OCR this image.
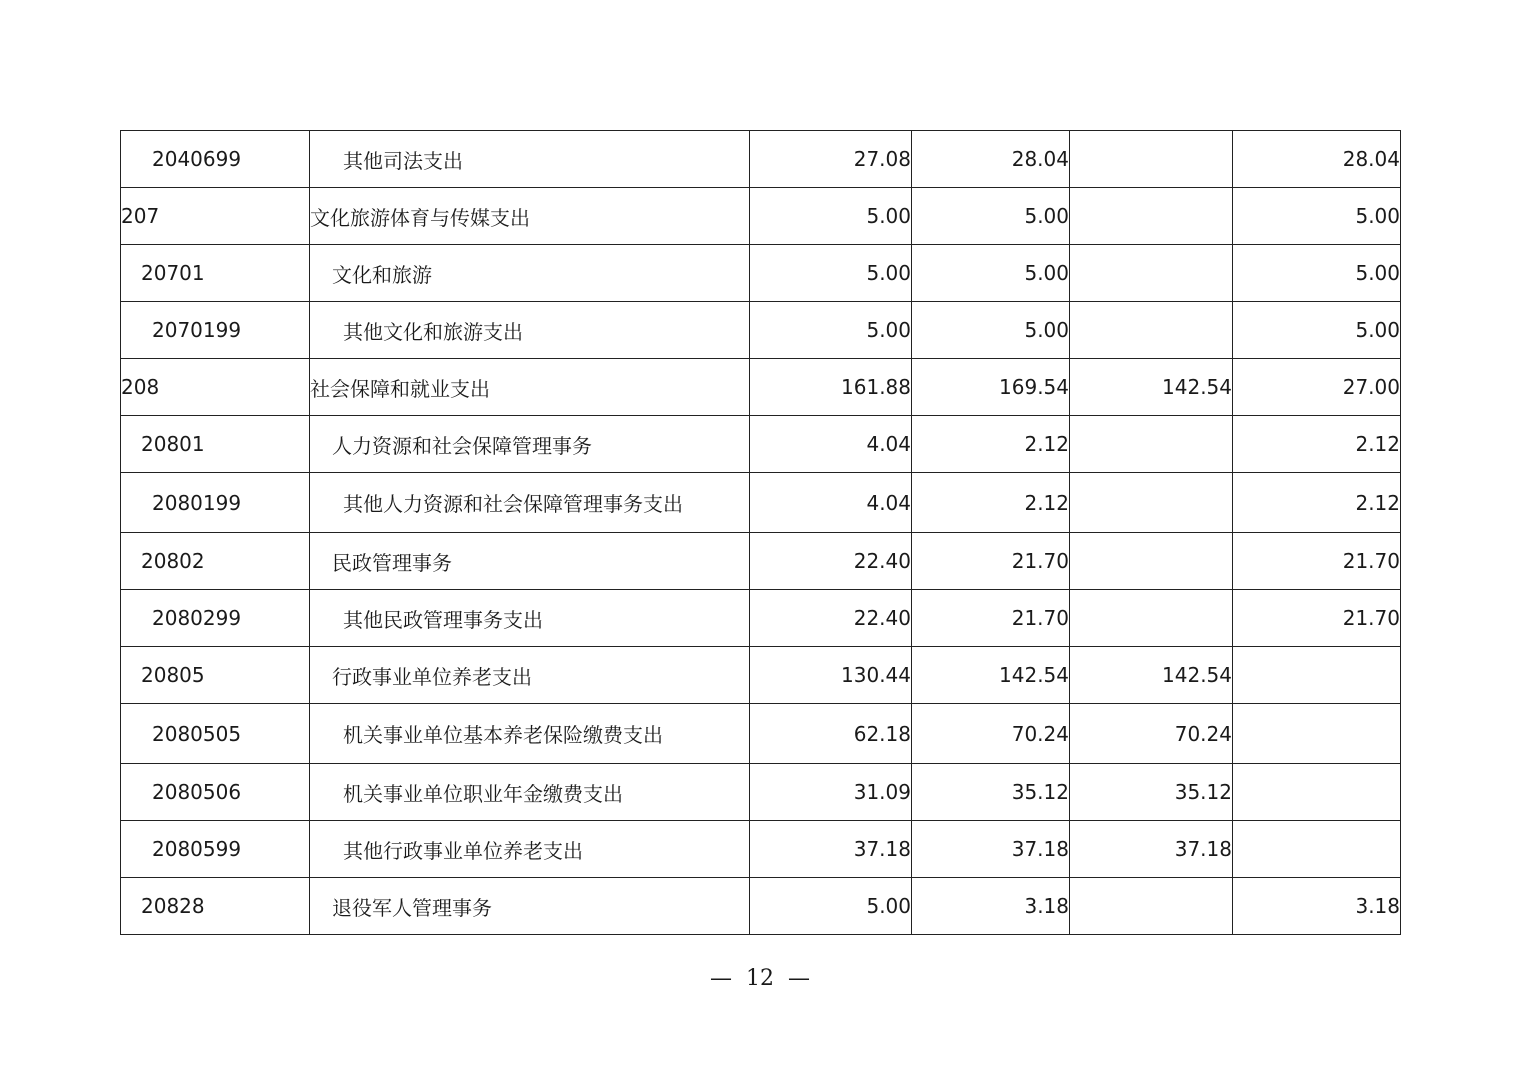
2040699	其他司法支出	27.08	28.04		28.04
207	文化旅游体育与传媒支出	5.00	5.00		5.00
20701	文化和旅游	5.00	5.00		5.00
2070199	其他文化和旅游支出	5.00	5.00		5.00
208	社会保障和就业支出	161.88	169.54	142.54	27.00
20801	人力资源和社会保障管理事务	4.04	2.12		2.12
2080199	其他人力资源和社会保障管理事务支出	4.04	2.12		2.12
20802	民政管理事务	22.40	21.70		21.70
2080299	其他民政管理事务支出	22.40	21.70		21.70
20805	行政事业单位养老支出	130.44	142.54	142.54	
2080505	机关事业单位基本养老保险缴费支出	62.18	70.24	70.24	
2080506	机关事业单位职业年金缴费支出	31.09	35.12	35.12	
2080599	其他行政事业单位养老支出	37.18	37.18	37.18	
20828	退役军人管理事务	5.00	3.18		3.18
— 12 —
